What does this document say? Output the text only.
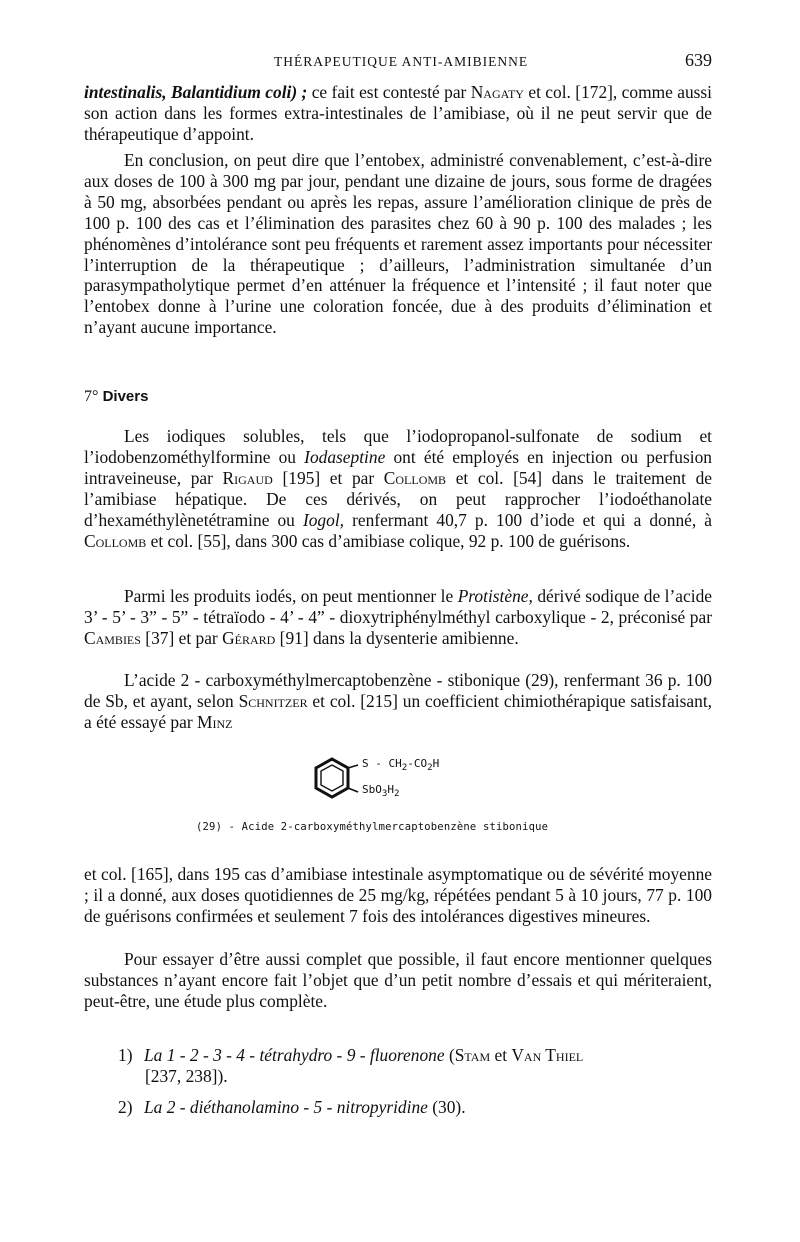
THÉRAPEUTIQUE ANTI-AMIBIENNE	639

intestinalis, Balantidium coli) ; ce fait est contesté par Nagaty et col. [172], comme aussi son action dans les formes extra-intestinales de l’amibiase, où il ne peut servir que de thérapeutique d’appoint.

En conclusion, on peut dire que l’entobex, administré convenablement, c’est-à-dire aux doses de 100 à 300 mg par jour, pendant une dizaine de jours, sous forme de dragées à 50 mg, absorbées pendant ou après les repas, assure l’amélioration clinique de près de 100 p. 100 des cas et l’élimination des parasites chez 60 à 90 p. 100 des malades ; les phénomènes d’intolérance sont peu fréquents et rarement assez importants pour nécessiter l’interruption de la thérapeutique ; d’ailleurs, l’administration simultanée d’un parasympatholytique permet d’en atténuer la fréquence et l’intensité ; il faut noter que l’entobex donne à l’urine une coloration foncée, due à des produits d’élimination et n’ayant aucune importance.

7° Divers

Les iodiques solubles, tels que l’iodopropanol-sulfonate de sodium et l’iodobenzométhylformine ou Iodaseptine ont été employés en injection ou perfusion intraveineuse, par Rigaud [195] et par Collomb et col. [54] dans le traitement de l’amibiase hépatique. De ces dérivés, on peut rapprocher l’iodoéthanolate d’hexaméthylènetétramine ou Iogol, renfermant 40,7 p. 100 d’iode et qui a donné, à Collomb et col. [55], dans 300 cas d’amibiase colique, 92 p. 100 de guérisons.

Parmi les produits iodés, on peut mentionner le Protistène, dérivé sodique de l’acide 3’ - 5’ - 3” - 5” - tétraïodo - 4’ - 4” - dioxytriphénylméthyl carboxylique - 2, préconisé par Cambies [37] et par Gérard [91] dans la dysenterie amibienne.

L’acide 2 - carboxyméthylmercaptobenzène - stibonique (29), renfermant 36 p. 100 de Sb, et ayant, selon Schnitzer et col. [215] un coefficient chimiothérapique satisfaisant, a été essayé par Minz

S - $CH_2-CO_2H$
$SbO_3H_2$
(29) - Acide 2-carboxyméthylmercaptobenzène stibonique

et col. [165], dans 195 cas d’amibiase intestinale asymptomatique ou de sévérité moyenne ; il a donné, aux doses quotidiennes de 25 mg/kg, répétées pendant 5 à 10 jours, 77 p. 100 de guérisons confirmées et seulement 7 fois des intolérances digestives mineures.

Pour essayer d’être aussi complet que possible, il faut encore mentionner quelques substances n’ayant encore fait l’objet que d’un petit nombre d’essais et qui mériteraient, peut-être, une étude plus complète.

1) La 1 - 2 - 3 - 4 - tétrahydro - 9 - fluorenone (Stam et Van Thiel

[237, 238]).

2) La 2 - diéthanolamino - 5 - nitropyridine (30).
